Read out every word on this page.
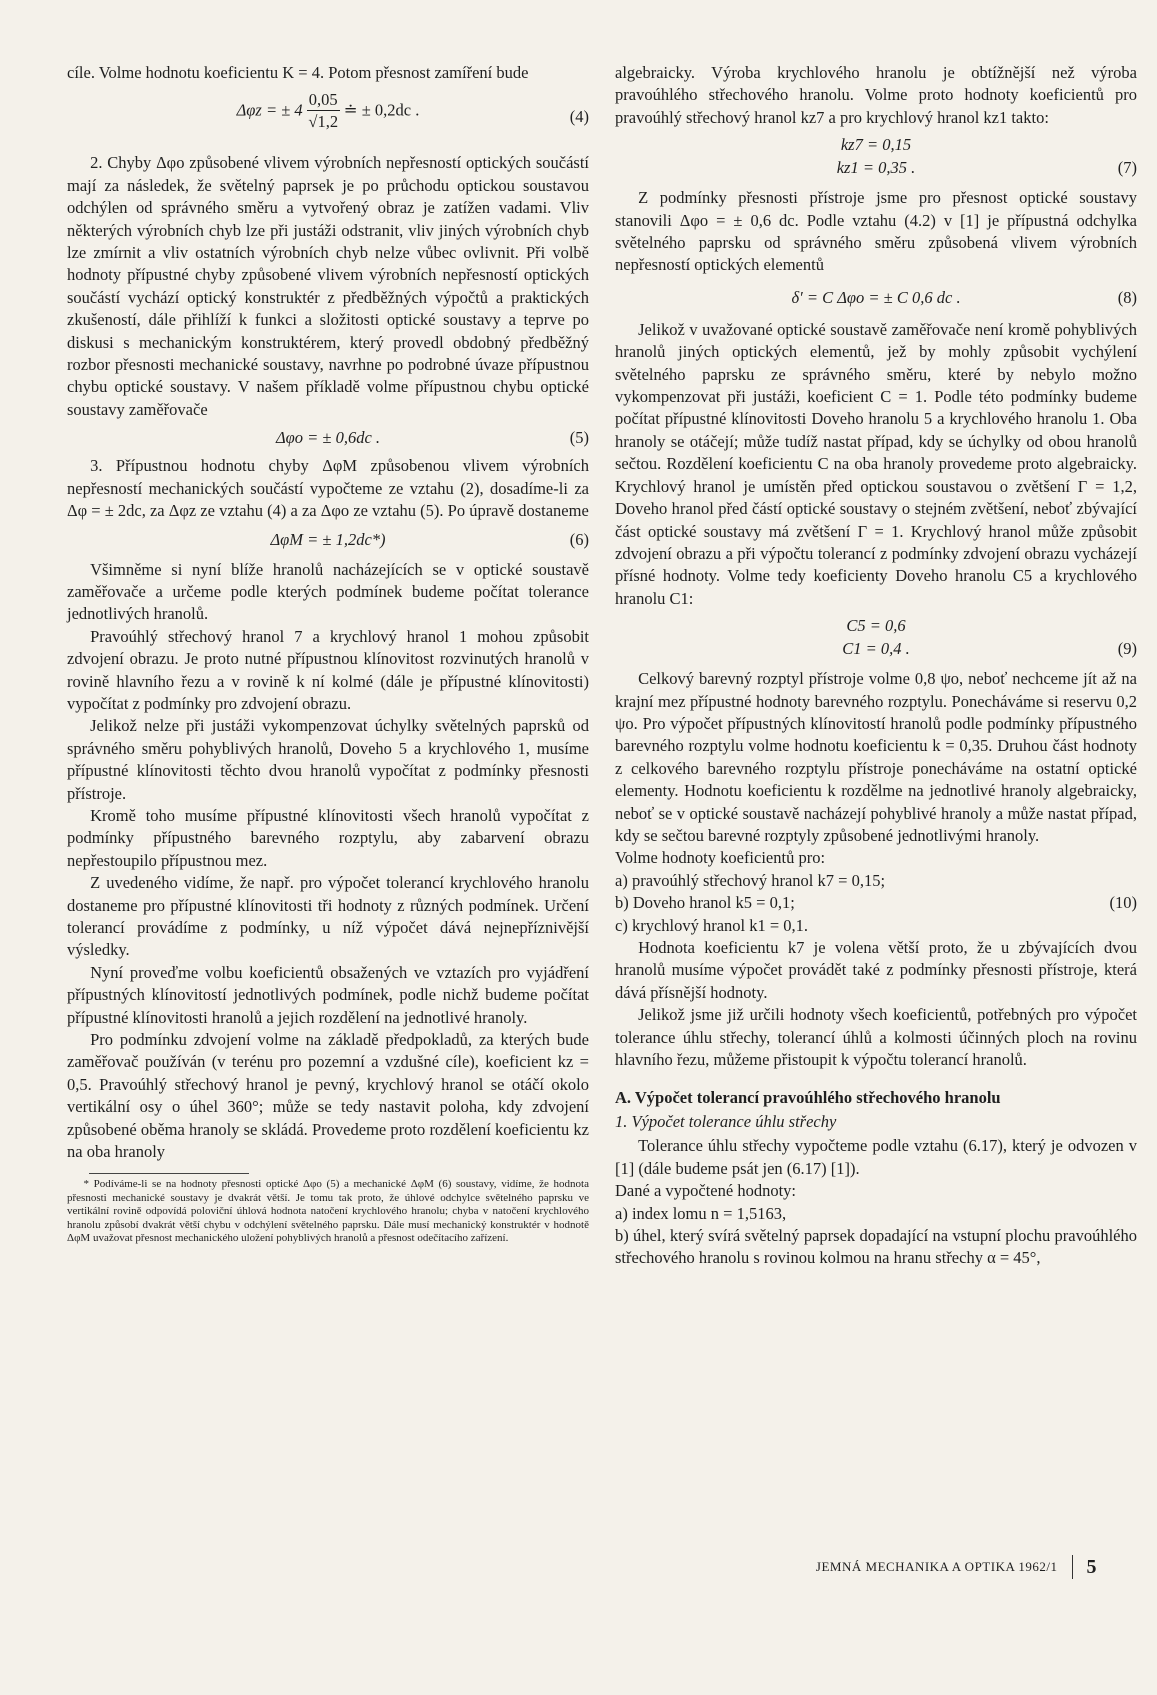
cíle. Volme hodnotu koeficientu K = 4. Potom přesnost zamíření bude

Δφz = ± $4 \frac{0,05}{√1,2}$ ≐ ± 0,2dc .	(4)

2. Chyby Δφo způsobené vlivem výrobních nepřesností optických součástí mají za následek, že světelný paprsek je po průchodu optickou soustavou odchýlen od správného směru a vytvořený obraz je zatížen vadami. Vliv některých výrobních chyb lze při justáži odstranit, vliv jiných výrobních chyb lze zmírnit a vliv ostatních výrobních chyb nelze vůbec ovlivnit. Při volbě hodnoty přípustné chyby způsobené vlivem výrobních nepřesností optických součástí vychází optický konstruktér z předběžných výpočtů a praktických zkušeností, dále přihlíží k funkci a složitosti optické soustavy a teprve po diskusi s mechanickým konstruktérem, který provedl obdobný předběžný rozbor přesnosti mechanické soustavy, navrhne po podrobné úvaze přípustnou chybu optické soustavy. V našem příkladě volme přípustnou chybu optické soustavy zaměřovače

Δφo = ± 0,6dc .	(5)

3. Přípustnou hodnotu chyby ΔφM způsobenou vlivem výrobních nepřesností mechanických součástí vypočteme ze vztahu (2), dosadíme-li za Δφ = ± 2dc, za Δφz ze vztahu (4) a za Δφo ze vztahu (5). Po úpravě dostaneme

ΔφM = ± 1,2dc*)	(6)

Všimněme si nyní blíže hranolů nacházejících se v optické soustavě zaměřovače a určeme podle kterých podmínek budeme počítat tolerance jednotlivých hranolů.

Pravoúhlý střechový hranol 7 a krychlový hranol 1 mohou způsobit zdvojení obrazu. Je proto nutné přípustnou klínovitost rozvinutých hranolů v rovině hlavního řezu a v rovině k ní kolmé (dále je přípustné klínovitosti) vypočítat z podmínky pro zdvojení obrazu.

Jelikož nelze při justáži vykompenzovat úchylky světelných paprsků od správného směru pohyblivých hranolů, Doveho 5 a krychlového 1, musíme přípustné klínovitosti těchto dvou hranolů vypočítat z podmínky přesnosti přístroje.

Kromě toho musíme přípustné klínovitosti všech hranolů vypočítat z podmínky přípustného barevného rozptylu, aby zabarvení obrazu nepřestoupilo přípustnou mez.

Z uvedeného vidíme, že např. pro výpočet tolerancí krychlového hranolu dostaneme pro přípustné klínovitosti tři hodnoty z různých podmínek. Určení tolerancí provádíme z podmínky, u níž výpočet dává nejnepříznivější výsledky.

Nyní proveďme volbu koeficientů obsažených ve vztazích pro vyjádření přípustných klínovitostí jednotlivých podmínek, podle nichž budeme počítat přípustné klínovitosti hranolů a jejich rozdělení na jednotlivé hranoly.

Pro podmínku zdvojení volme na základě předpokladů, za kterých bude zaměřovač používán (v terénu pro pozemní a vzdušné cíle), koeficient kz = 0,5. Pravoúhlý střechový hranol je pevný, krychlový hranol se otáčí okolo vertikální osy o úhel 360°; může se tedy nastavit poloha, kdy zdvojení způsobené oběma hranoly se skládá. Provedeme proto rozdělení koeficientu kz na oba hranoly

* Podíváme-li se na hodnoty přesnosti optické Δφo (5) a mechanické ΔφM (6) soustavy, vidíme, že hodnota přesnosti mechanické soustavy je dvakrát větší. Je tomu tak proto, že úhlové odchylce světelného paprsku ve vertikální rovině odpovídá poloviční úhlová hodnota natočení krychlového hranolu; chyba v natočení krychlového hranolu způsobí dvakrát větší chybu v odchýlení světelného paprsku. Dále musí mechanický konstruktér v hodnotě ΔφM uvažovat přesnost mechanického uložení pohyblivých hranolů a přesnost odečítacího zařízení.

algebraicky. Výroba krychlového hranolu je obtížnější než výroba pravoúhlého střechového hranolu. Volme proto hodnoty koeficientů pro pravoúhlý střechový hranol kz7 a pro krychlový hranol kz1 takto:

kz7 = 0,15
kz1 = 0,35 .	(7)

Z podmínky přesnosti přístroje jsme pro přesnost optické soustavy stanovili Δφo = ± 0,6 dc. Podle vztahu (4.2) v [1] je přípustná odchylka světelného paprsku od správného směru způsobená vlivem výrobních nepřesností optických elementů

δ′ = C Δφo = ± C 0,6 dc .	(8)

Jelikož v uvažované optické soustavě zaměřovače není kromě pohyblivých hranolů jiných optických elementů, jež by mohly způsobit vychýlení světelného paprsku ze správného směru, které by nebylo možno vykompenzovat při justáži, koeficient C = 1. Podle této podmínky budeme počítat přípustné klínovitosti Doveho hranolu 5 a krychlového hranolu 1. Oba hranoly se otáčejí; může tudíž nastat případ, kdy se úchylky od obou hranolů sečtou. Rozdělení koeficientu C na oba hranoly provedeme proto algebraicky. Krychlový hranol je umístěn před optickou soustavou o zvětšení Γ = 1,2, Doveho hranol před částí optické soustavy o stejném zvětšení, neboť zbývající část optické soustavy má zvětšení Γ = 1. Krychlový hranol může způsobit zdvojení obrazu a při výpočtu tolerancí z podmínky zdvojení obrazu vycházejí přísné hodnoty. Volme tedy koeficienty Doveho hranolu C5 a krychlového hranolu C1:

C5 = 0,6
C1 = 0,4 .	(9)

Celkový barevný rozptyl přístroje volme 0,8 ψo, neboť nechceme jít až na krajní mez přípustné hodnoty barevného rozptylu. Ponecháváme si reservu 0,2 ψo. Pro výpočet přípustných klínovitostí hranolů podle podmínky přípustného barevného rozptylu volme hodnotu koeficientu k = 0,35. Druhou část hodnoty z celkového barevného rozptylu přístroje ponecháváme na ostatní optické elementy. Hodnotu koeficientu k rozdělme na jednotlivé hranoly algebraicky, neboť se v optické soustavě nacházejí pohyblivé hranoly a může nastat případ, kdy se sečtou barevné rozptyly způsobené jednotlivými hranoly.

Volme hodnoty koeficientů pro:

a) pravoúhlý střechový hranol k7 = 0,15;

b) Doveho hranol k5 = 0,1;	(10)

c) krychlový hranol k1 = 0,1.

Hodnota koeficientu k7 je volena větší proto, že u zbývajících dvou hranolů musíme výpočet provádět také z podmínky přesnosti přístroje, která dává přísnější hodnoty.

Jelikož jsme již určili hodnoty všech koeficientů, potřebných pro výpočet tolerance úhlu střechy, tolerancí úhlů a kolmosti účinných ploch na rovinu hlavního řezu, můžeme přistoupit k výpočtu tolerancí hranolů.

A. Výpočet tolerancí pravoúhlého střechového hranolu
1. Výpočet tolerance úhlu střechy

Tolerance úhlu střechy vypočteme podle vztahu (6.17), který je odvozen v [1] (dále budeme psát jen (6.17) [1]).

Dané a vypočtené hodnoty:

a) index lomu n = 1,5163,

b) úhel, který svírá světelný paprsek dopadající na vstupní plochu pravoúhlého střechového hranolu s rovinou kolmou na hranu střechy α = 45°,

JEMNÁ MECHANIKA A OPTIKA 1962/1 5
